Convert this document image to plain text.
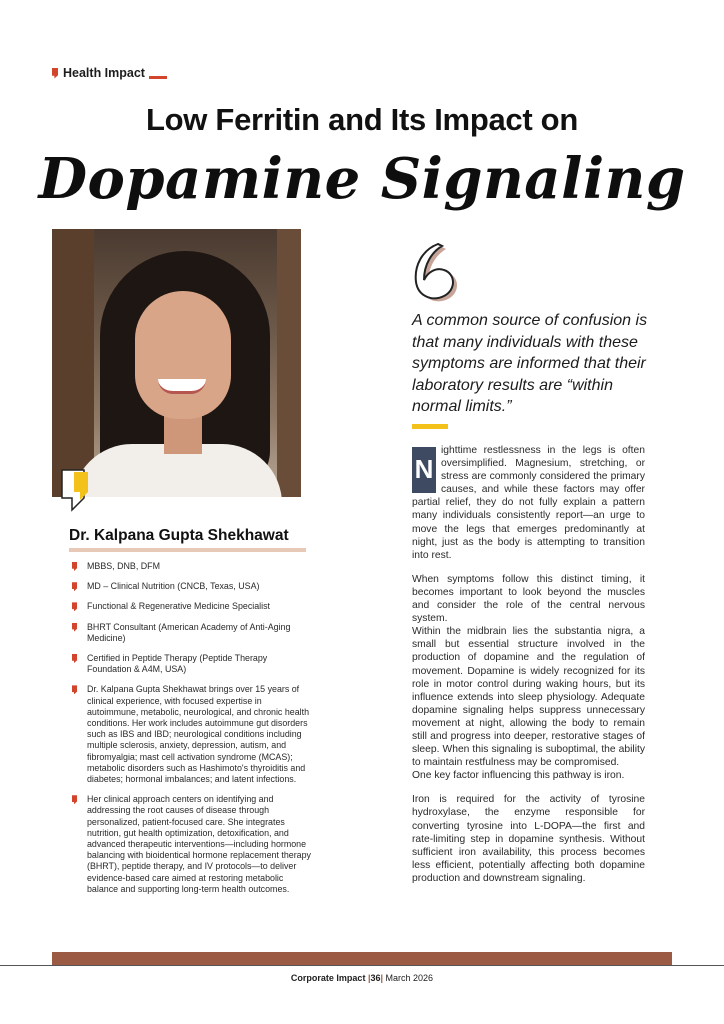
Health Impact
Low Ferritin and Its Impact on
Dopamine Signaling
Dr. Kalpana Gupta Shekhawat
MBBS, DNB, DFM
MD – Clinical Nutrition (CNCB, Texas, USA)
Functional & Regenerative Medicine Specialist
BHRT Consultant (American Academy of Anti-Aging Medicine)
Certified in Peptide Therapy (Peptide Therapy Foundation & A4M, USA)
Dr. Kalpana Gupta Shekhawat brings over 15 years of clinical experience, with focused expertise in autoimmune, metabolic, neurological, and chronic health conditions. Her work includes autoimmune gut disorders such as IBS and IBD; neurological conditions including multiple sclerosis, anxiety, depression, autism, and fibromyalgia; mast cell activation syndrome (MCAS); metabolic disorders such as Hashimoto's thyroiditis and diabetes; hormonal imbalances; and latent infections.
Her clinical approach centers on identifying and addressing the root causes of disease through personalized, patient-focused care. She integrates nutrition, gut health optimization, detoxification, and advanced therapeutic interventions—including hormone balancing with bioidentical hormone replacement therapy (BHRT), peptide therapy, and IV protocols—to deliver evidence-based care aimed at restoring metabolic balance and supporting long-term health outcomes.
A common source of confusion is that many individuals with these symptoms are informed that their laboratory results are “within normal limits.”

N
ighttime restlessness in the legs is often oversimplified. Magnesium, stretching, or stress are commonly considered the primary causes, and while these factors may offer partial relief, they do not fully explain a pattern many individuals consistently report—an urge to move the legs that emerges predominantly at night, just as the body is attempting to transition into rest.

When symptoms follow this distinct timing, it becomes important to look beyond the muscles and consider the role of the central nervous system.

Within the midbrain lies the substantia nigra, a small but essential structure involved in the production of dopamine and the regulation of movement. Dopamine is widely recognized for its role in motor control during waking hours, but its influence extends into sleep physiology. Adequate dopamine signaling helps suppress unnecessary movement at night, allowing the body to remain still and progress into deeper, restorative stages of sleep. When this signaling is suboptimal, the ability to maintain restfulness may be compromised.

One key factor influencing this pathway is iron.

Iron is required for the activity of tyrosine hydroxylase, the enzyme responsible for converting tyrosine into L-DOPA—the first and rate-limiting step in dopamine synthesis. Without sufficient iron availability, this process becomes less efficient, potentially affecting both dopamine production and downstream signaling.

Corporate Impact |36| March 2026
